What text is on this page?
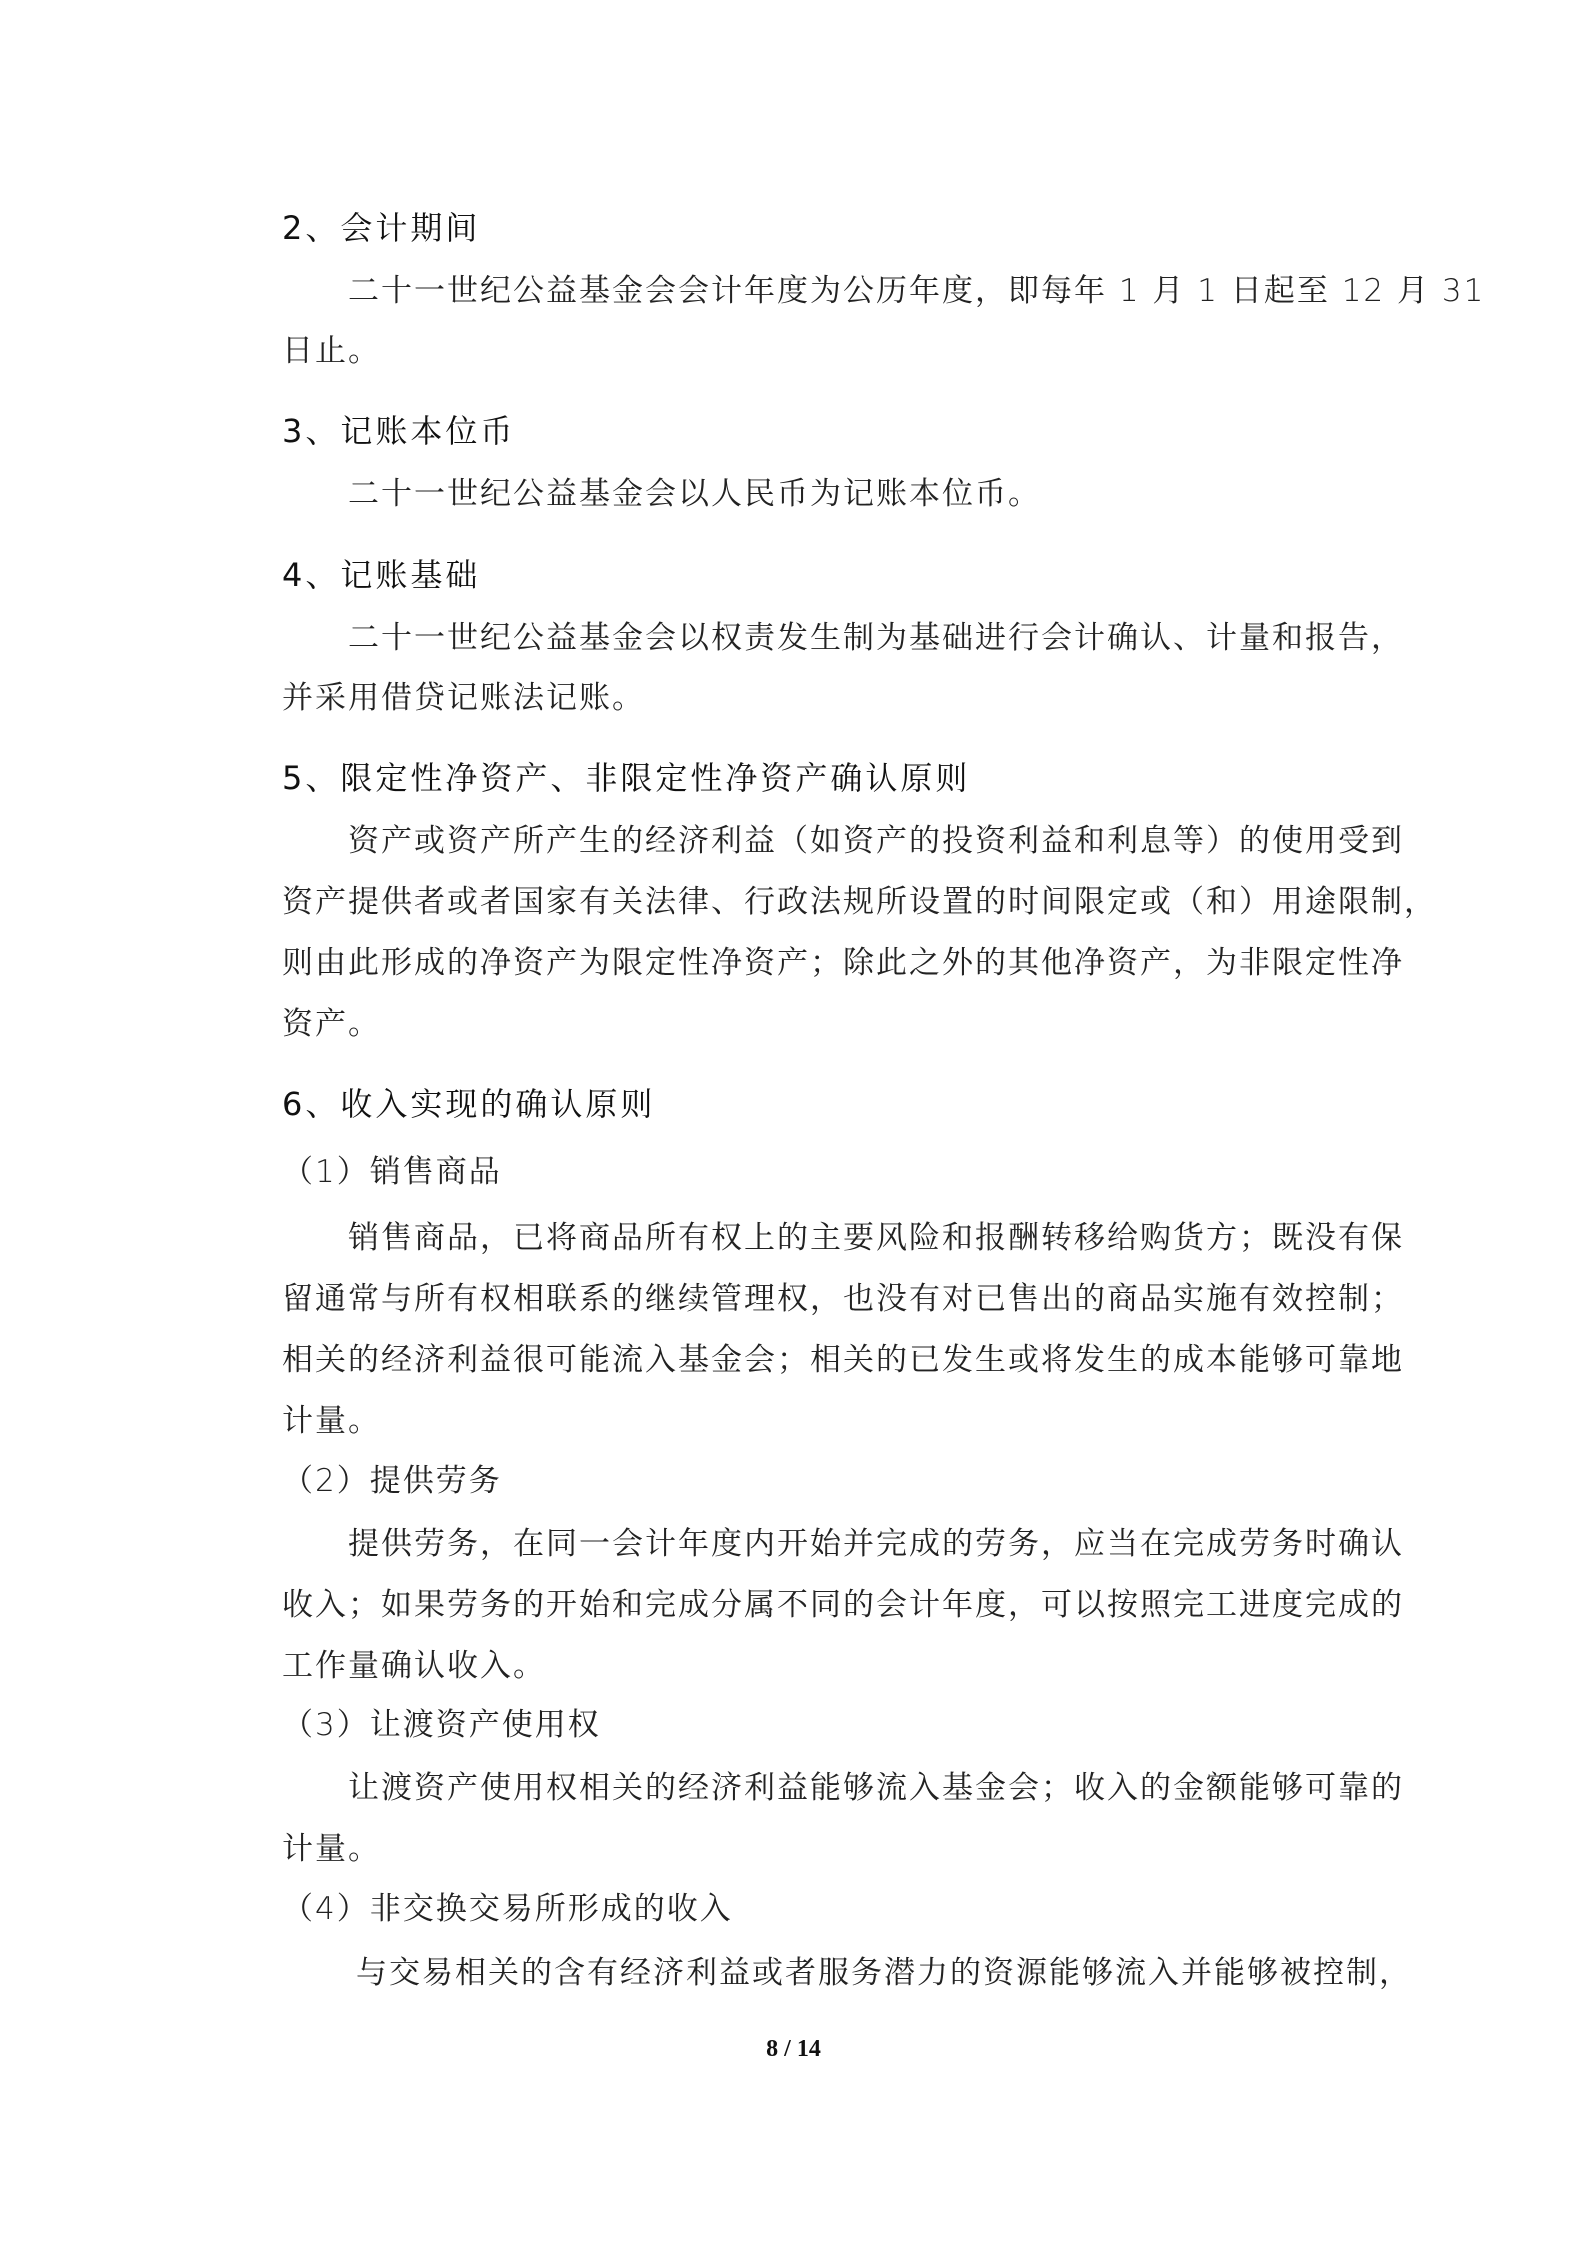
2、会计期间
二十一世纪公益基金会会计年度为公历年度，即每年 1 月 1 日起至 12 月 31
日止。
3、记账本位币
二十一世纪公益基金会以人民币为记账本位币。
4、记账基础
二十一世纪公益基金会以权责发生制为基础进行会计确认、计量和报告，
并采用借贷记账法记账。
5、限定性净资产、非限定性净资产确认原则
资产或资产所产生的经济利益（如资产的投资利益和利息等）的使用受到
资产提供者或者国家有关法律、行政法规所设置的时间限定或（和）用途限制，
则由此形成的净资产为限定性净资产；除此之外的其他净资产，为非限定性净
资产。
6、收入实现的确认原则
（1）销售商品
销售商品，已将商品所有权上的主要风险和报酬转移给购货方；既没有保
留通常与所有权相联系的继续管理权，也没有对已售出的商品实施有效控制；
相关的经济利益很可能流入基金会；相关的已发生或将发生的成本能够可靠地
计量。
（2）提供劳务
提供劳务，在同一会计年度内开始并完成的劳务，应当在完成劳务时确认
收入；如果劳务的开始和完成分属不同的会计年度，可以按照完工进度完成的
工作量确认收入。
（3）让渡资产使用权
让渡资产使用权相关的经济利益能够流入基金会；收入的金额能够可靠的
计量。
（4）非交换交易所形成的收入
与交易相关的含有经济利益或者服务潜力的资源能够流入并能够被控制，
8 / 14
